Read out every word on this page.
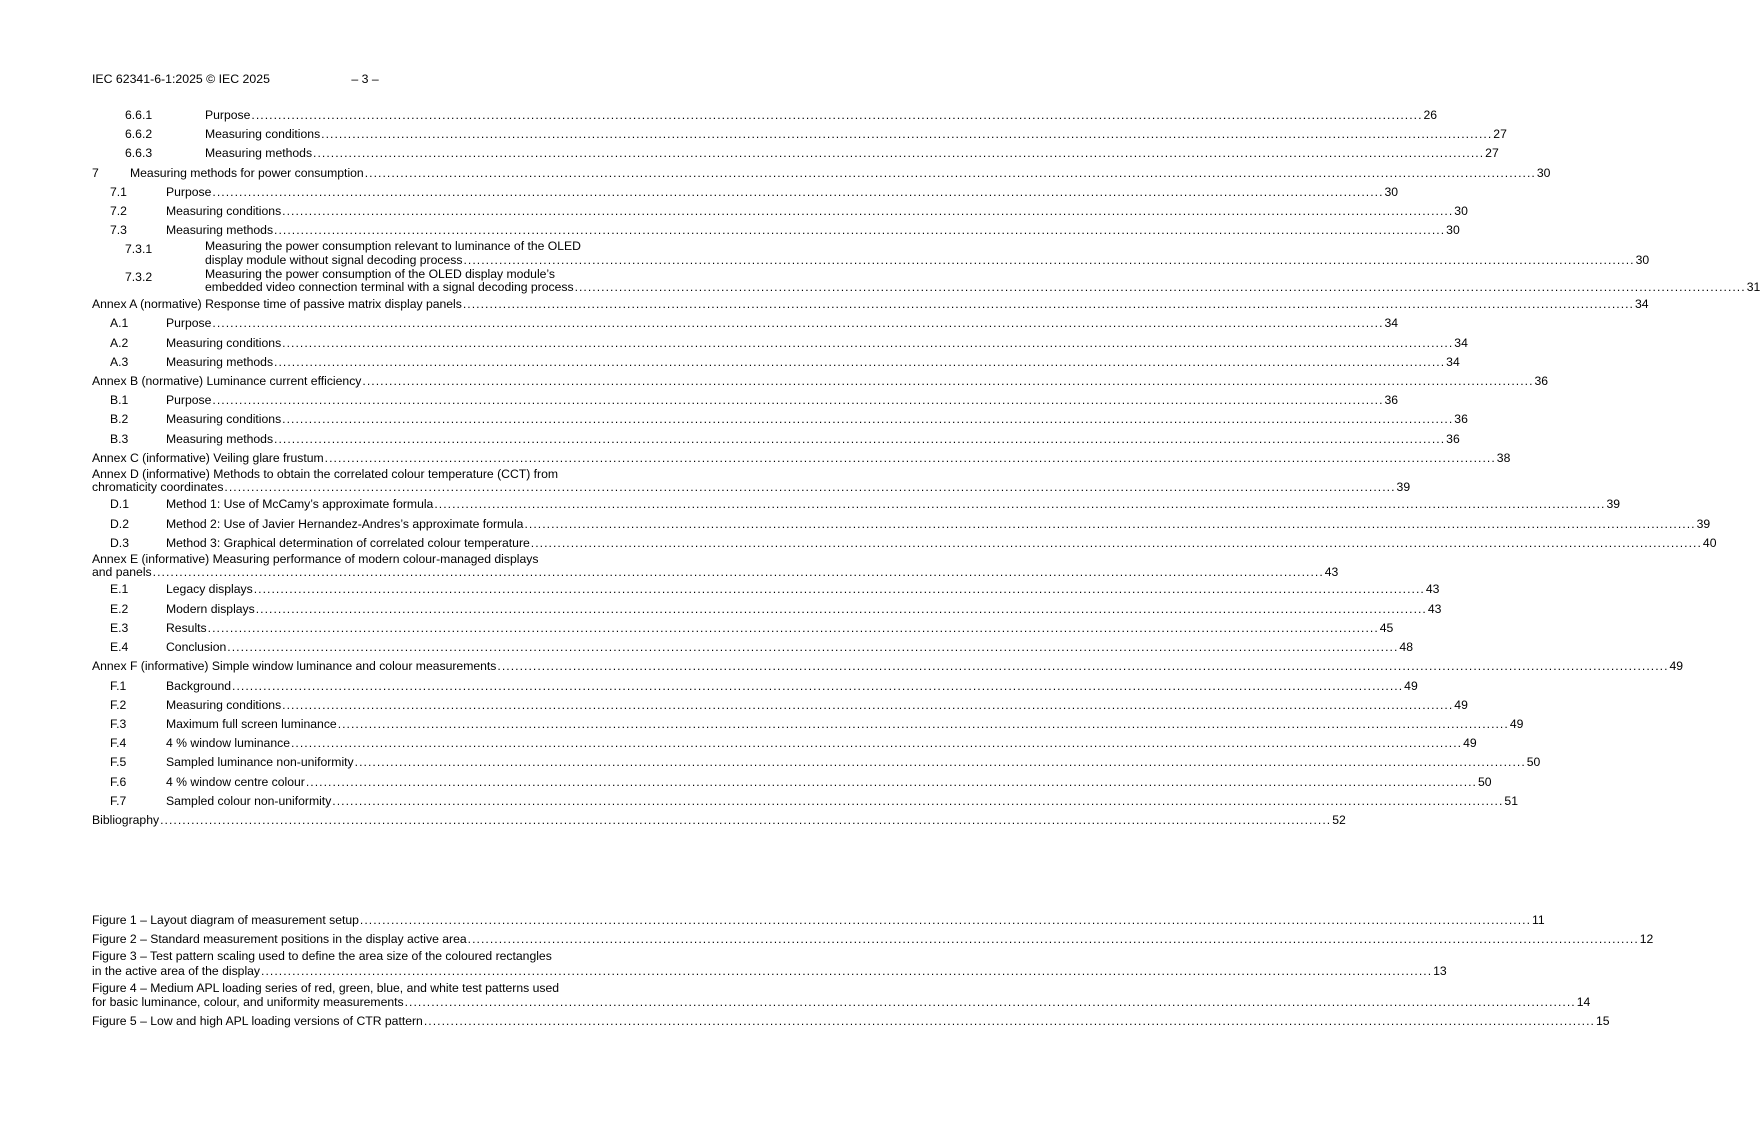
IEC 62341-6-1:2025 © IEC 2025	– 3 –
6.6.1	Purpose .....	26
6.6.2	Measuring conditions .....	27
6.6.3	Measuring methods .....	27
7	Measuring methods for power consumption .....	30
7.1	Purpose .....	30
7.2	Measuring conditions .....	30
7.3	Measuring methods .....	30
7.3.1	Measuring the power consumption relevant to luminance of the OLED
display module without signal decoding process .....	30
7.3.2	Measuring the power consumption of the OLED display module’s
embedded video connection terminal with a signal decoding process .....	31
Annex A (normative) Response time of passive matrix display panels .....	34
A.1	Purpose .....	34
A.2	Measuring conditions .....	34
A.3	Measuring methods .....	34
Annex B (normative) Luminance current efficiency .....	36
B.1	Purpose .....	36
B.2	Measuring conditions .....	36
B.3	Measuring methods .....	36
Annex C (informative) Veiling glare frustum .....	38
Annex D (informative) Methods to obtain the correlated colour temperature (CCT) from
chromaticity coordinates .....	39
D.1	Method 1: Use of McCamy’s approximate formula .....	39
D.2	Method 2: Use of Javier Hernandez-Andres’s approximate formula .....	39
D.3	Method 3: Graphical determination of correlated colour temperature .....	40
Annex E (informative) Measuring performance of modern colour-managed displays
and panels .....	43
E.1	Legacy displays .....	43
E.2	Modern displays .....	43
E.3	Results .....	45
E.4	Conclusion .....	48
Annex F (informative) Simple window luminance and colour measurements .....	49
F.1	Background .....	49
F.2	Measuring conditions .....	49
F.3	Maximum full screen luminance .....	49
F.4	4 % window luminance .....	49
F.5	Sampled luminance non-uniformity .....	50
F.6	4 % window centre colour .....	50
F.7	Sampled colour non-uniformity .....	51
Bibliography .....	52
Figure 1 – Layout diagram of measurement setup .....	11
Figure 2 – Standard measurement positions in the display active area .....	12
Figure 3 – Test pattern scaling used to define the area size of the coloured rectangles
in the active area of the display .....	13
Figure 4 – Medium APL loading series of red, green, blue, and white test patterns used
for basic luminance, colour, and uniformity measurements .....	14
Figure 5 – Low and high APL loading versions of CTR pattern .....	15
